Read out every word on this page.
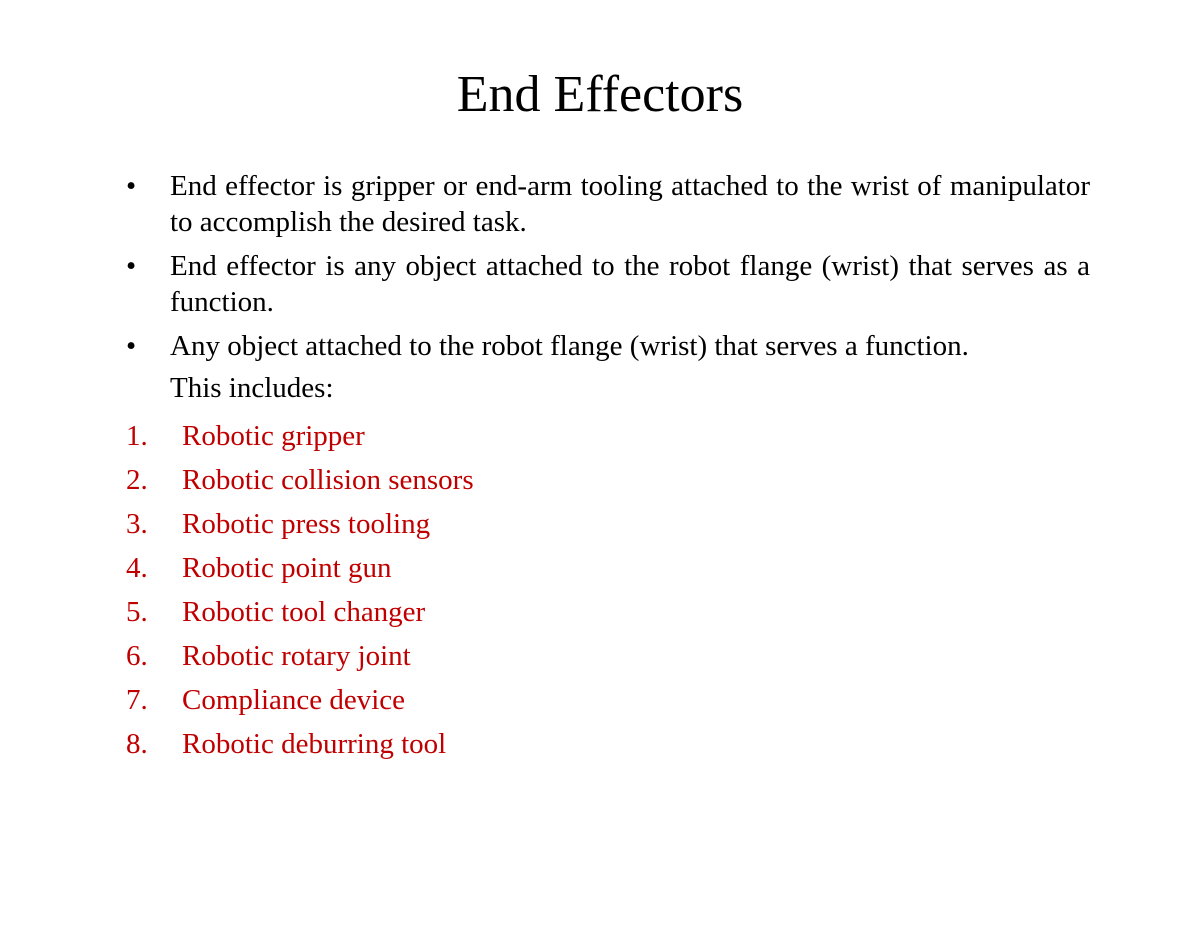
End Effectors
•	End effector is gripper or end-arm tooling attached to the wrist of manipulator to accomplish the desired task.
•	End effector is any object attached to the robot flange (wrist) that serves as a function.
•	Any object attached to the robot flange (wrist) that serves a function.
This includes:
1.	Robotic gripper
2.	Robotic collision sensors
3.	Robotic press tooling
4.	Robotic point gun
5.	Robotic tool changer
6.	Robotic rotary joint
7.	Compliance device
8.	Robotic deburring tool
